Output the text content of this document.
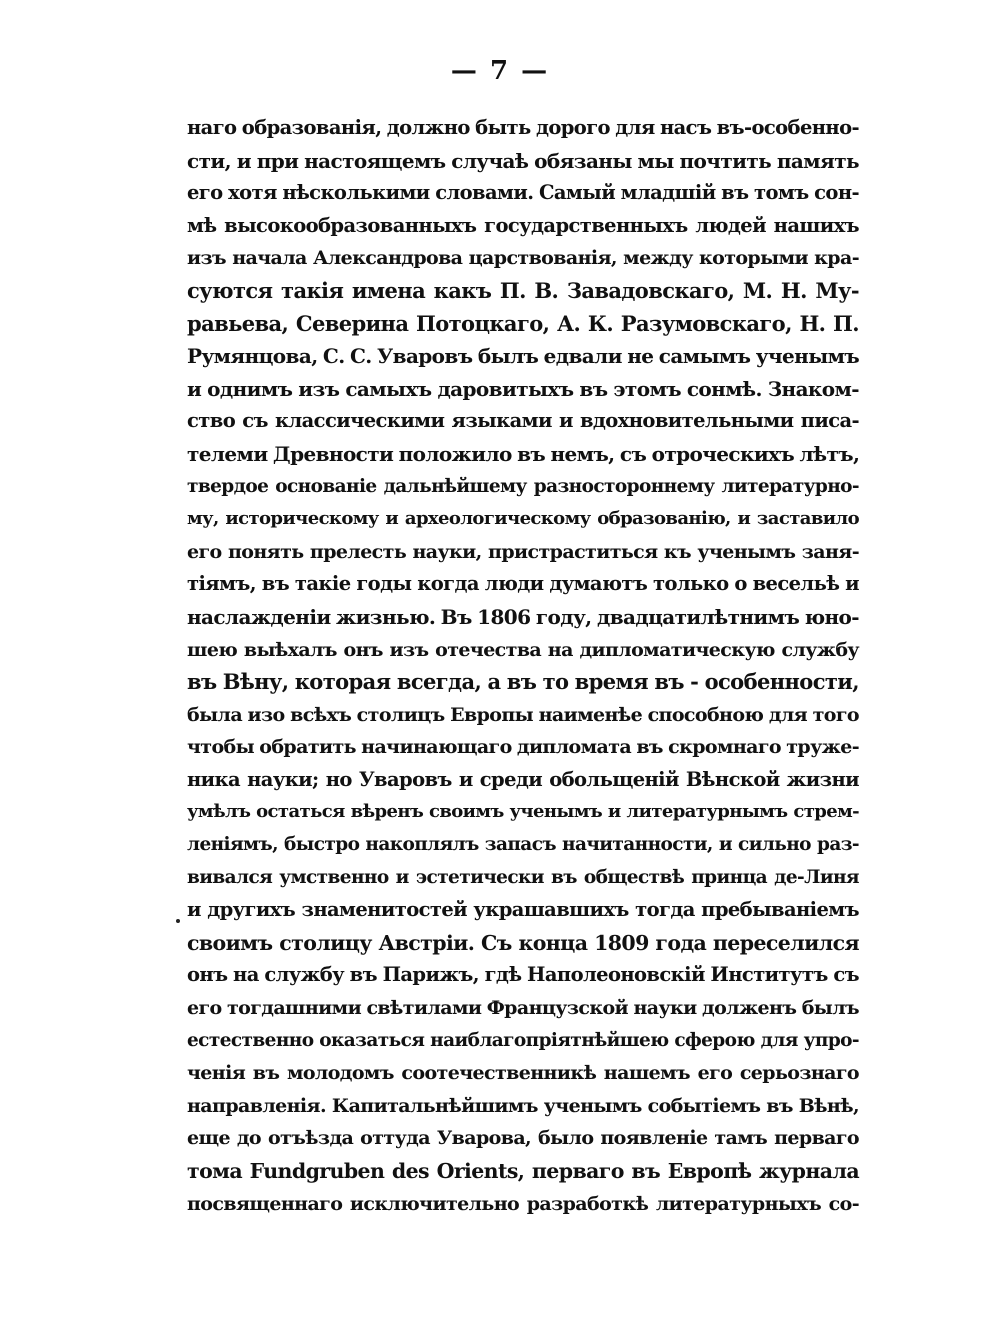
— 7 —
наго образованія, должно быть дорого для насъ въ-особенно-
сти, и при настоящемъ случаѣ обязаны мы почтить память
его хотя нѣсколькими словами. Самый младшій въ томъ сон-
мѣ высокообразованныхъ государственныхъ людей нашихъ
изъ начала Александрова царствованія, между которыми кра-
суются такія имена какъ П. В. Завадовскаго, М. Н. Му-
равьева, Северина Потоцкаго, А. К. Разумовскаго, Н. П.
Румянцова, С. С. Уваровъ былъ едвали не самымъ ученымъ
и однимъ изъ самыхъ даровитыхъ въ этомъ сонмѣ. Знаком-
ство съ классическими языками и вдохновительными писа-
телеми Древности положило въ немъ, съ отроческихъ лѣтъ,
твердое основаніе дальнѣйшему разностороннему литературно-
му, историческому и археологическому образованію, и заставило
его понять прелесть науки, пристраститься къ ученымъ заня-
тіямъ, въ такіе годы когда люди думаютъ только о весельѣ и
наслажденіи жизнью. Въ 1806 году, двадцатилѣтнимъ юно-
шею выѣхалъ онъ изъ отечества на дипломатическую службу
въ Вѣну, которая всегда, а въ то время въ - особенности,
была изо всѣхъ столицъ Европы наименѣе способною для того
чтобы обратить начинающаго дипломата въ скромнаго труже-
ника науки; но Уваровъ и среди обольщеній Вѣнской жизни
умѣлъ остаться вѣренъ своимъ ученымъ и литературнымъ стрем-
леніямъ, быстро накоплялъ запасъ начитанности, и сильно раз-
вивался умственно и эстетически въ обществѣ принца де-Линя
и другихъ знаменитостей украшавшихъ тогда пребываніемъ
своимъ столицу Австріи. Съ конца 1809 года переселился
онъ на службу въ Парижъ, гдѣ Наполеоновскій Институтъ съ
его тогдашними свѣтилами Французской науки долженъ былъ
естественно оказаться наиблагопріятнѣйшею сферою для упро-
ченія въ молодомъ соотечественникѣ нашемъ его серьознаго
направленія. Капитальнѣйшимъ ученымъ событіемъ въ Вѣнѣ,
еще до отъѣзда оттуда Уварова, было появленіе тамъ перваго
тома Fundgruben des Orients, перваго въ Европѣ журнала
посвященнаго исключительно разработкѣ литературныхъ со-
